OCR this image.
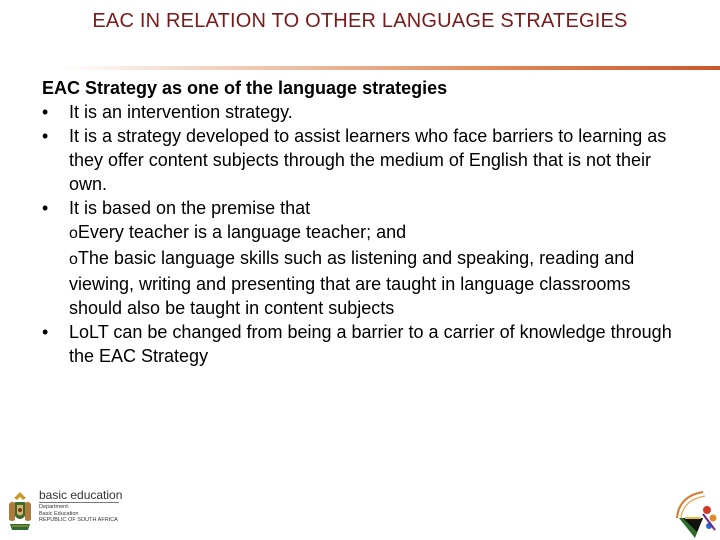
EAC IN RELATION TO OTHER LANGUAGE STRATEGIES
EAC Strategy as one of the language strategies
• It is an intervention strategy.
• It is a strategy developed to assist learners who face barriers to learning as they offer content subjects through the medium of English that is not their own.
• It is based on the premise that
oEvery teacher is a language teacher; and
oThe basic language skills such as listening and speaking, reading and viewing, writing and presenting that are taught in language classrooms should also be taught in content subjects
• LoLT can be changed from being a barrier to a carrier of knowledge through the EAC Strategy
basic education
Department:
Basic Education
REPUBLIC OF SOUTH AFRICA
